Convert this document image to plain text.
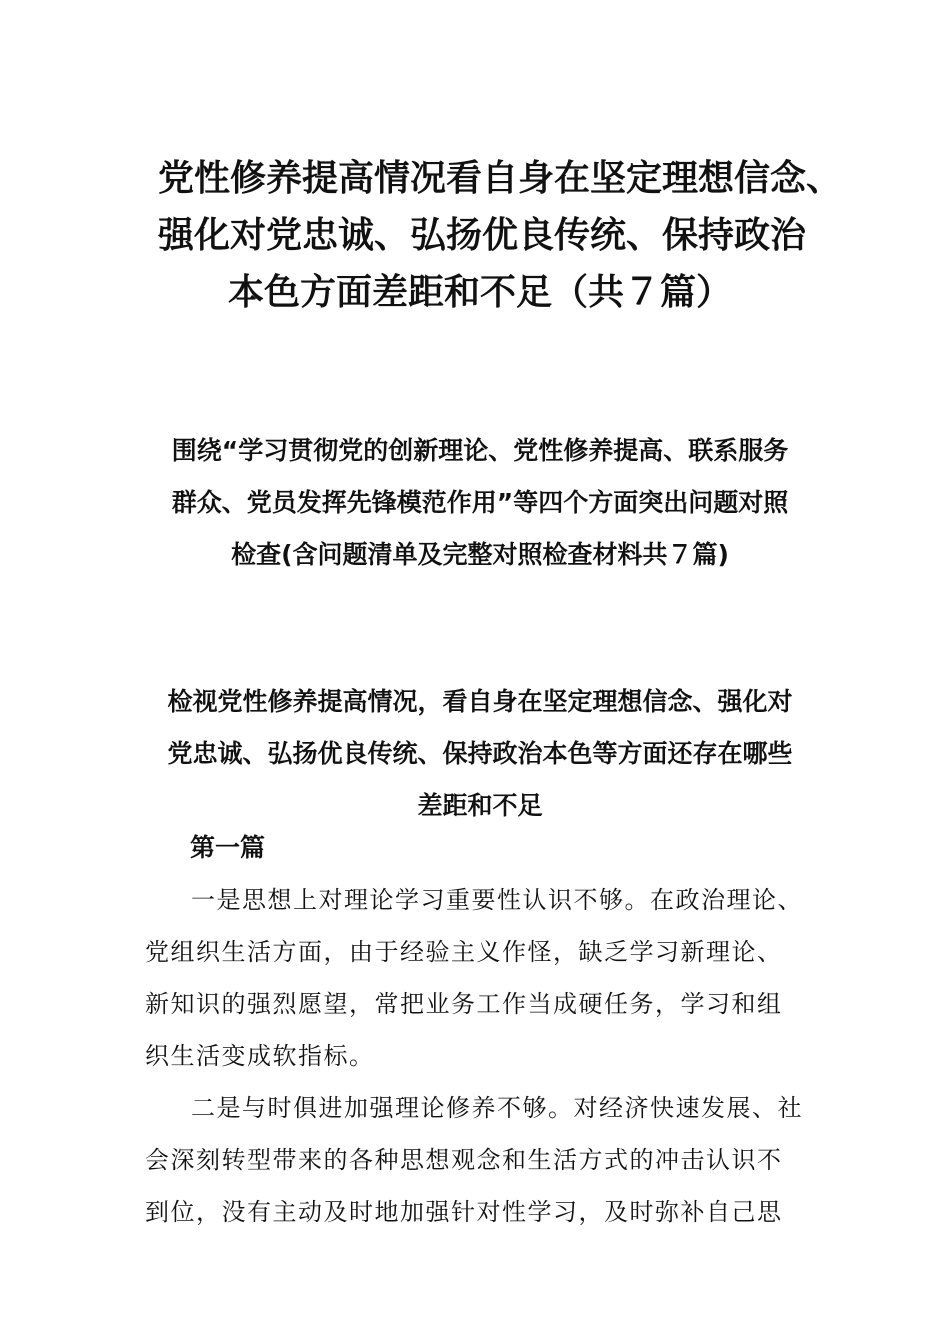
党性修养提高情况看自身在坚定理想信念、
强化对党忠诚、弘扬优良传统、保持政治
本色方面差距和不足（共７篇）
围绕“学习贯彻党的创新理论、党性修养提高、联系服务
群众、党员发挥先锋模范作用”等四个方面突出问题对照
检查(含问题清单及完整对照检查材料共７篇)
检视党性修养提高情况，看自身在坚定理想信念、强化对
党忠诚、弘扬优良传统、保持政治本色等方面还存在哪些
差距和不足
第一篇
一是思想上对理论学习重要性认识不够。在政治理论、
党组织生活方面，由于经验主义作怪，缺乏学习新理论、
新知识的强烈愿望，常把业务工作当成硬任务，学习和组
织生活变成软指标。
二是与时俱进加强理论修养不够。对经济快速发展、社
会深刻转型带来的各种思想观念和生活方式的冲击认识不
到位，没有主动及时地加强针对性学习，及时弥补自己思
